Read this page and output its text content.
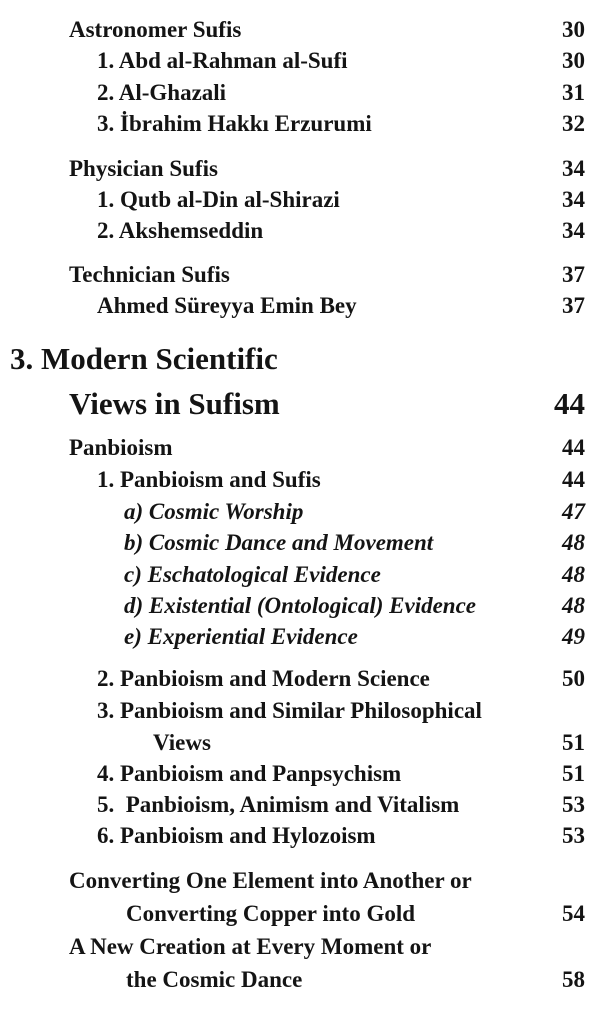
Astronomer Sufis	30
1. Abd al-Rahman al-Sufi	30
2. Al-Ghazali	31
3. İbrahim Hakkı Erzurumi	32
Physician Sufis	34
1. Qutb al-Din al-Shirazi	34
2. Akshemseddin	34
Technician Sufis	37
Ahmed Süreyya Emin Bey	37
3. Modern Scientific
Views in Sufism	44
Panbioism	44
1. Panbioism and Sufis	44
a) Cosmic Worship	47
b) Cosmic Dance and Movement	48
c) Eschatological Evidence	48
d) Existential (Ontological) Evidence	48
e) Experiential Evidence	49
2. Panbioism and Modern Science	50
3. Panbioism and Similar Philosophical
Views	51
4. Panbioism and Panpsychism	51
5.  Panbioism, Animism and Vitalism	53
6. Panbioism and Hylozoism	53
Converting One Element into Another or
Converting Copper into Gold	54
A New Creation at Every Moment or
the Cosmic Dance	58
